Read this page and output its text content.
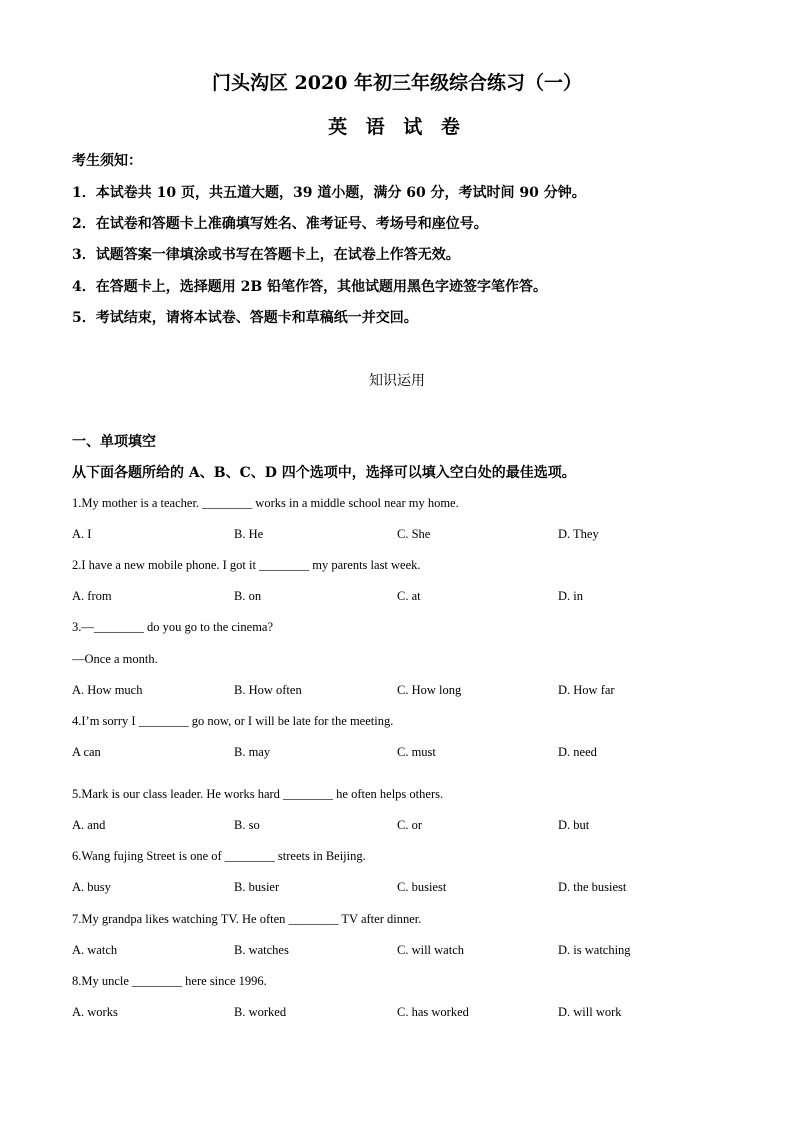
门头沟区 2020 年初三年级综合练习（一）
英 语 试 卷
考生须知：
1．本试卷共 10 页，共五道大题，39 道小题，满分 60 分，考试时间 90 分钟。
2．在试卷和答题卡上准确填写姓名、准考证号、考场号和座位号。
3．试题答案一律填涂或书写在答题卡上，在试卷上作答无效。
4．在答题卡上，选择题用 2B 铅笔作答，其他试题用黑色字迹签字笔作答。
5．考试结束，请将本试卷、答题卡和草稿纸一并交回。
知识运用
一、单项填空
从下面各题所给的 A、B、C、D 四个选项中，选择可以填入空白处的最佳选项。
1.My mother is a teacher. ________ works in a middle school near my home.
A. I	B. He	C. She	D. They
2.I have a new mobile phone. I got it ________ my parents last week.
A. from	B. on	C. at	D. in
3.—________ do you go to the cinema?
—Once a month.
A. How much	B. How often	C. How long	D. How far
4.I’m sorry I ________ go now, or I will be late for the meeting.
A can	B. may	C. must	D. need
5.Mark is our class leader. He works hard ________ he often helps others.
A. and	B. so	C. or	D. but
6.Wang fujing Street is one of ________ streets in Beijing.
A. busy	B. busier	C. busiest	D. the busiest
7.My grandpa likes watching TV. He often ________ TV after dinner.
A. watch	B. watches	C. will watch	D. is watching
8.My uncle ________ here since 1996.
A. works	B. worked	C. has worked	D. will work
